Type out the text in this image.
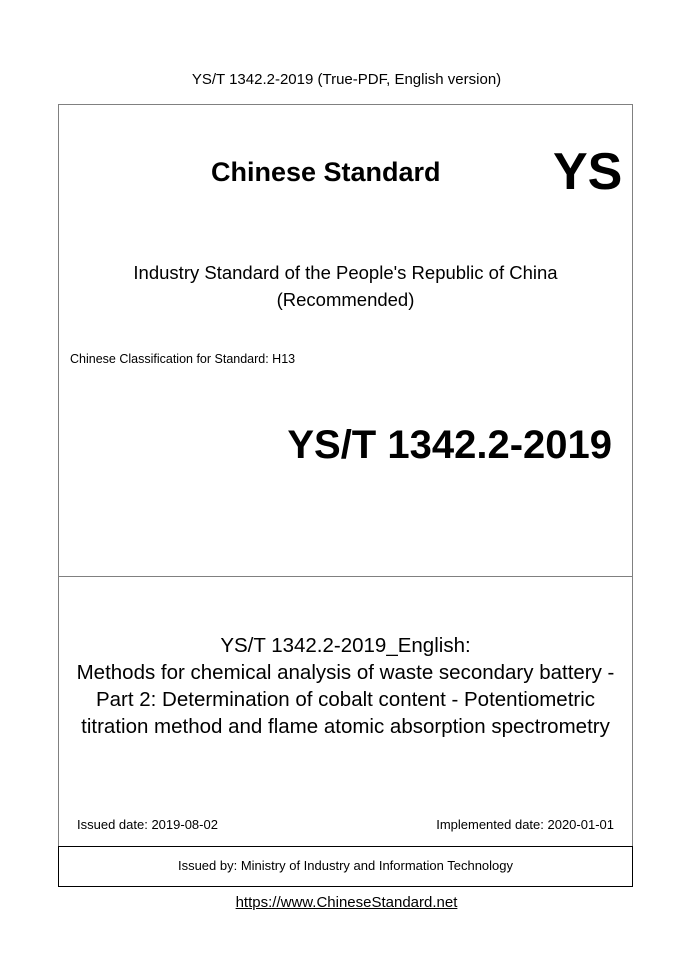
YS/T 1342.2-2019 (True-PDF, English version)
Chinese Standard YS
Industry Standard of the People's Republic of China
(Recommended)
Chinese Classification for Standard: H13
YS/T 1342.2-2019
YS/T 1342.2-2019_English:
Methods for chemical analysis of waste secondary battery -
Part 2: Determination of cobalt content - Potentiometric
titration method and flame atomic absorption spectrometry
Issued date: 2019-08-02	Implemented date: 2020-01-01
Issued by: Ministry of Industry and Information Technology
https://www.ChineseStandard.net
